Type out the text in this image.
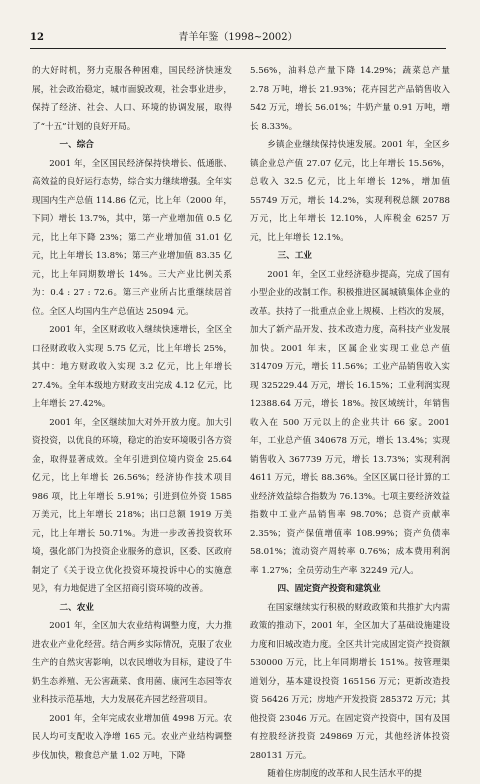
12	青羊年鉴（1998~2002）

的大好时机，努力克服各种困难，国民经济快速发展，社会政治稳定，城市面貌改观，社会事业进步，保持了经济、社会、人口、环境的协调发展，取得了“十五”计划的良好开局。

一、综合

2001 年，全区国民经济保持快增长、低通胀、高效益的良好运行态势，综合实力继续增强。全年实现国内生产总值 114.86 亿元，比上年（2000 年，下同）增长 13.7%，其中，第一产业增加值 0.5 亿元，比上年下降 23%；第二产业增加值 31.01 亿元，比上年增长 13.8%；第三产业增加值 83.35 亿元，比上年同期数增长 14%。三大产业比例关系为：0.4 : 27 : 72.6。第三产业所占比重继续居首位。全区人均国内生产总值达 25094 元。

2001 年，全区财政收入继续快速增长，全区全口径财政收入实现 5.75 亿元，比上年增长 25%，其中：地方财政收入实现 3.2 亿元，比上年增长 27.4%。全年本级地方财政支出完成 4.12 亿元，比上年增长 27.42%。

2001 年，全区继续加大对外开放力度。加大引资投资，以优良的环境，稳定的治安环境吸引各方资金，取得显著成效。全年引进到位境内资金 25.64 亿元，比上年增长 26.56%；经济协作技术项目 986 项，比上年增长 5.91%；引进到位外资 1585 万美元，比上年增长 218%；出口总额 1919 万美元，比上年增长 50.71%。为进一步改善投资软环境，强化部门为投资企业服务的意识，区委、区政府制定了《关于设立优化投资环境投诉中心的实施意见》，有力地促进了全区招商引资环境的改善。

二、农业

2001 年，全区加大农业结构调整力度，大力推进农业产业化经营。结合两乡实际情况，克服了农业生产的自然灾害影响，以农民增收为目标，建设了牛奶生态养殖、无公害蔬菜、食用菌、康河生态园等农业科技示范基地，大力发展花卉园艺经营项目。

2001 年，全年完成农业增加值 4998 万元。农民人均可支配收入净增 165 元。农业产业结构调整步伐加快，粮食总产量 1.02 万吨，下降

5.56%，油料总产量下降 14.29%；蔬菜总产量 2.78 万吨，增长 21.93%；花卉园艺产品销售收入 542 万元，增长 56.01%；牛奶产量 0.91 万吨，增长 8.33%。

乡镇企业继续保持快速发展。2001 年，全区乡镇企业总产值 27.07 亿元，比上年增长 15.56%，总收入 32.5 亿元，比上年增长 12%，增加值 55749 万元，增长 14.2%，实现利税总额 20788 万元，比上年增长 12.10%，人库税金 6257 万元，比上年增长 12.1%。

三、工业

2001 年，全区工业经济稳步提高，完成了国有小型企业的改制工作。积极推进区属城镇集体企业的改革。扶持了一批重点企业上规模、上档次的发展，加大了新产品开发、技术改造力度，高科技产业发展加快。2001 年末，区属企业实现工业总产值 314709 万元，增长 11.56%；工业产品销售收入实现 325229.44 万元，增长 16.15%；工业利润实现 12388.64 万元，增长 18%。按区域统计，年销售收入在 500 万元以上的企业共计 66 家。2001 年，工业总产值 340678 万元，增长 13.4%；实现销售收入 367739 万元，增长 13.73%；实现利润 4611 万元，增长 88.36%。全区区属口径计算的工业经济效益综合指数为 76.13%。七项主要经济效益指数中工业产品销售率 98.70%；总资产贡献率 2.35%；资产保值增值率 108.99%；资产负债率 58.01%；流动资产周转率 0.76%；成本费用利润率 1.27%；全员劳动生产率 32249 元/人。

四、固定资产投资和建筑业

在国家继续实行积极的财政政策和共推扩大内需政策的推动下，2001 年，全区加大了基础设施建设力度和旧城改造力度。全区共计完成固定资产投资额 530000 万元，比上年同期增长 151%。按管理渠道划分，基本建设投资 165156 万元；更新改造投资 56426 万元；房地产开发投资 285372 万元；其他投资 23046 万元。在固定资产投资中，国有及国有控股经济投资 249869 万元，其他经济体投资 280131 万元。

随着住房制度的改革和人民生活水平的提
